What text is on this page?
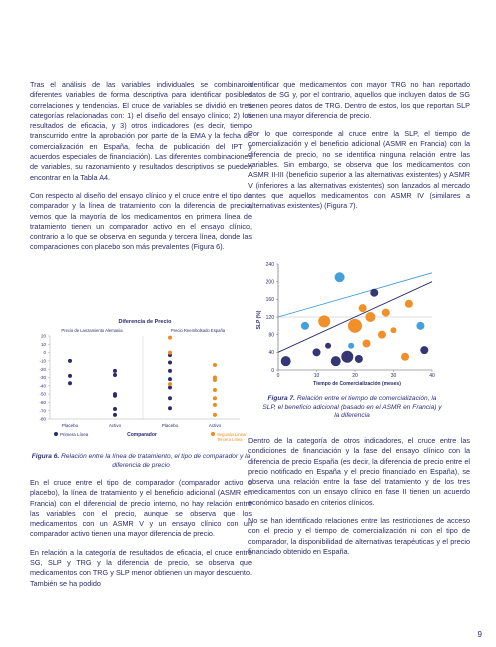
Tras el análisis de las variables individuales se combinaron diferentes variables de forma descriptiva para identificar posibles correlaciones y tendencias. El cruce de variables se dividió en tres categorías relacionadas con: 1) el diseño del ensayo clínico; 2) los resultados de eficacia, y 3) otros indicadores (es decir, tiempo transcurrido entre la aprobación por parte de la EMA y la fecha de comercialización en España, fecha de publicación del IPT y acuerdos especiales de financiación). Las diferentes combinaciones de variables, su razonamiento y resultados descriptivos se pueden encontrar en la Tabla A4.

Con respecto al diseño del ensayo clínico y el cruce entre el tipo de comparador y la línea de tratamiento con la diferencia de precio, vemos que la mayoría de los medicamentos en primera línea de tratamiento tienen un comparador activo en el ensayo clínico, contrario a lo que se observa en segunda y tercera línea, donde las comparaciones con placebo son más prevalentes (Figura 6).

Diferencia de Precio
Precio de Lanzamiento Alemania	Precio Reembolsado España
20
10
0
-10
-20
-30
-40
-50
-60
-70
-80
Placebo	Activo	Placebo	Activo
Primera Línea	Comparador	Segunda Línea/ Tercera Línea
Figura 6. Relación entre la línea de tratamiento, el tipo de comparador y la diferencia de precio

En el cruce entre el tipo de comparador (comparador activo o placebo), la línea de tratamiento y el beneficio adicional (ASMR en Francia) con el diferencial de precio interno, no hay relación entre las variables con el precio, aunque se observa que los medicamentos con un ASMR V y un ensayo clínico con un comparador activo tienen una mayor diferencia de precio.

En relación a la categoría de resultados de eficacia, el cruce entre SG, SLP y TRG y la diferencia de precio, se observa que medicamentos con TRG y SLP menor obtienen un mayor descuento. También se ha podido

identificar que medicamentos con mayor TRG no han reportado datos de SG y, por el contrario, aquellos que incluyen datos de SG tienen peores datos de TRG. Dentro de estos, los que reportan SLP tienen una mayor diferencia de precio.

Por lo que corresponde al cruce entre la SLP, el tiempo de comercialización y el beneficio adicional (ASMR en Francia) con la diferencia de precio, no se identifica ninguna relación entre las variables. Sin embargo, se observa que los medicamentos con ASMR II-III (beneficio superior a las alternativas existentes) y ASMR V (inferiores a las alternativas existentes) son lanzados al mercado antes que aquellos medicamentos con ASMR IV (similares a alternativas existentes) (Figura 7).

0
40
80
120
160
200
240
0	10	20	30	40
SLP (%)
Tiempo de Comercialización (meses)
Figura 7. Relación entre el tiempo de comercialización, la SLP, el beneficio adicional (basado en el ASMR en Francia) y la diferencia

Dentro de la categoría de otros indicadores, el cruce entre las condiciones de financiación y la fase del ensayo clínico con la diferencia de precio España (es decir, la diferencia de precio entre el precio notificado en España y el precio financiado en España), se observa una relación entre la fase del tratamiento y de los tres medicamentos con un ensayo clínico en fase II tienen un acuerdo económico basado en criterios clínicos.

No se han identificado relaciones entre las restricciones de acceso con el precio y el tiempo de comercialización ni con el tipo de comparador, la disponibilidad de alternativas terapéuticas y el precio financiado obtenido en España.

9
